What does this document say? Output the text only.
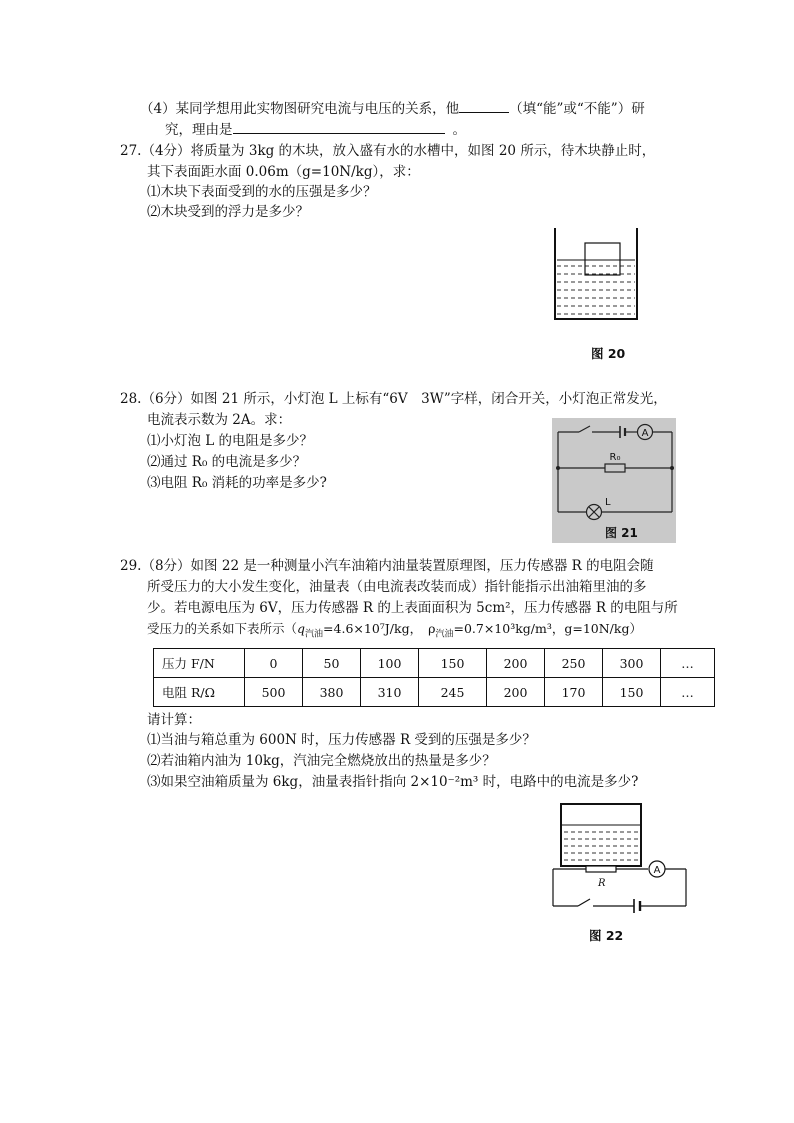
（4）某同学想用此实物图研究电流与电压的关系，他	（填“能”或“不能”）研
究，理由是	。
27.（4分）将质量为 3kg 的木块，放入盛有水的水槽中，如图 20 所示，待木块静止时，
其下表面距水面 0.06m（g=10N/kg），求：
⑴木块下表面受到的水的压强是多少？
⑵木块受到的浮力是多少？
图 20
28.（6分）如图 21 所示，小灯泡 L 上标有“6V　3W”字样，闭合开关，小灯泡正常发光，
电流表示数为 2A。求：
⑴小灯泡 L 的电阻是多少？
⑵通过 R₀ 的电流是多少？
⑶电阻 R₀ 消耗的功率是多少?
A
R₀
L
图 21
29.（8分）如图 22 是一种测量小汽车油箱内油量装置原理图，压力传感器 R 的电阻会随
所受压力的大小发生变化，油量表（由电流表改装而成）指针能指示出油箱里油的多
少。若电源电压为 6V，压力传感器 R 的上表面面积为 5cm²，压力传感器 R 的电阻与所
受压力的关系如下表所示（$q_{汽油}=4.6\times 10^7J/kg$， $\rho_{汽油}=0.7\times 10^3kg/m^3$，g=10N/kg）
压力 F/N	0	50	100	150	200	250	300	…
电阻 R/Ω	500	380	310	245	200	170	150	…
请计算：
⑴当油与箱总重为 600N 时，压力传感器 R 受到的压强是多少？
⑵若油箱内油为 10kg，汽油完全燃烧放出的热量是多少？
⑶如果空油箱质量为 6kg，油量表指针指向 2×10⁻²m³ 时，电路中的电流是多少?
R
A
图 22
